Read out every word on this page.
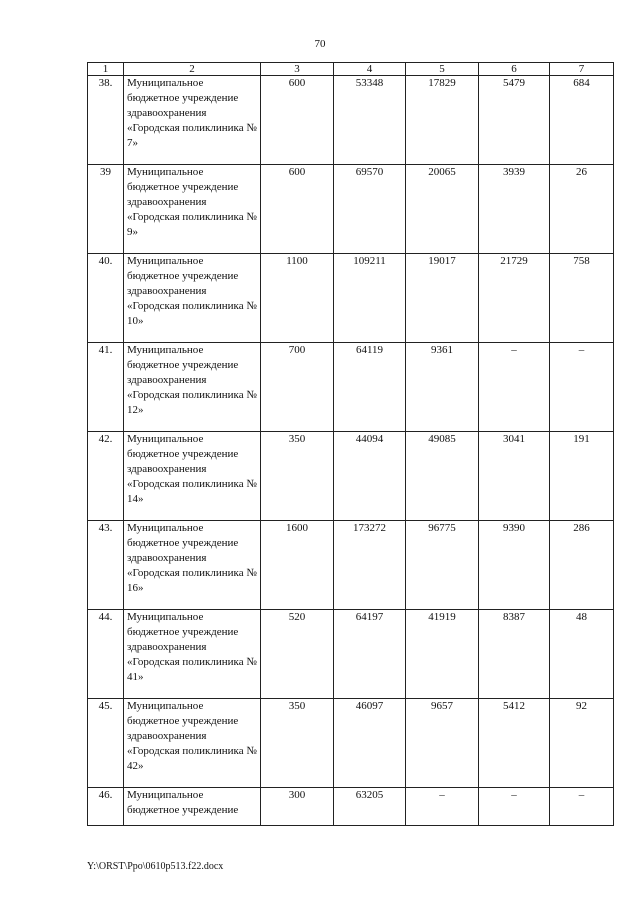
70
1	2	3	4	5	6	7
38.	Муниципальное бюджетное учреждение здравоохранения «Городская поликлиника № 7»	600	53348	17829	5479	684
39	Муниципальное бюджетное учреждение здравоохранения «Городская поликлиника № 9»	600	69570	20065	3939	26
40.	Муниципальное бюджетное учреждение здравоохранения «Городская поликлиника № 10»	1100	109211	19017	21729	758
41.	Муниципальное бюджетное учреждение здравоохранения «Городская поликлиника № 12»	700	64119	9361	–	–
42.	Муниципальное бюджетное учреждение здравоохранения «Городская поликлиника № 14»	350	44094	49085	3041	191
43.	Муниципальное бюджетное учреждение здравоохранения «Городская поликлиника № 16»	1600	173272	96775	9390	286
44.	Муниципальное бюджетное учреждение здравоохранения «Городская поликлиника № 41»	520	64197	41919	8387	48
45.	Муниципальное бюджетное учреждение здравоохранения «Городская поликлиника № 42»	350	46097	9657	5412	92
46.	Муниципальное бюджетное учреждение	300	63205	–	–	–
Y:\ORST\Ppo\0610p513.f22.docx
